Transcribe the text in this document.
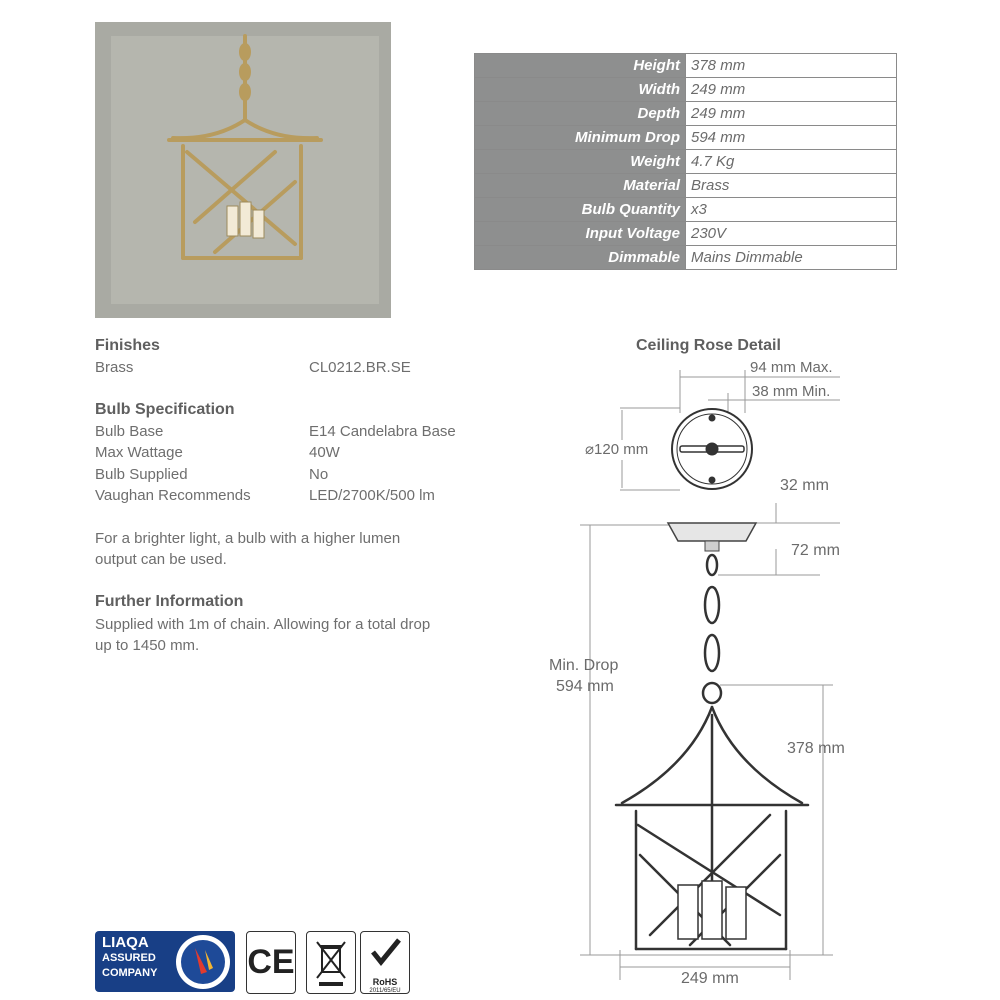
Height	378 mm
Width	249 mm
Depth	249 mm
Minimum Drop	594 mm
Weight	4.7 Kg
Material	Brass
Bulb Quantity	x3
Input Voltage	230V
Dimmable	Mains Dimmable
Finishes
Brass	CL0212.BR.SE
Bulb Specification
Bulb Base	E14 Candelabra Base
Max Wattage	40W
Bulb Supplied	No
Vaughan Recommends	LED/2700K/500 lm
For a brighter light, a bulb with a higher lumen
output can be used.
Further Information
Supplied with 1m of chain. Allowing for a total drop
up to 1450 mm.
Ceiling Rose Detail
94 mm Max.
38 mm Min.
⌀120 mm
32 mm
72 mm
Min. Drop
594 mm
378 mm
249 mm
LIAQA
ASSURED
COMPANY	CE
RoHS
2011/65/EU
